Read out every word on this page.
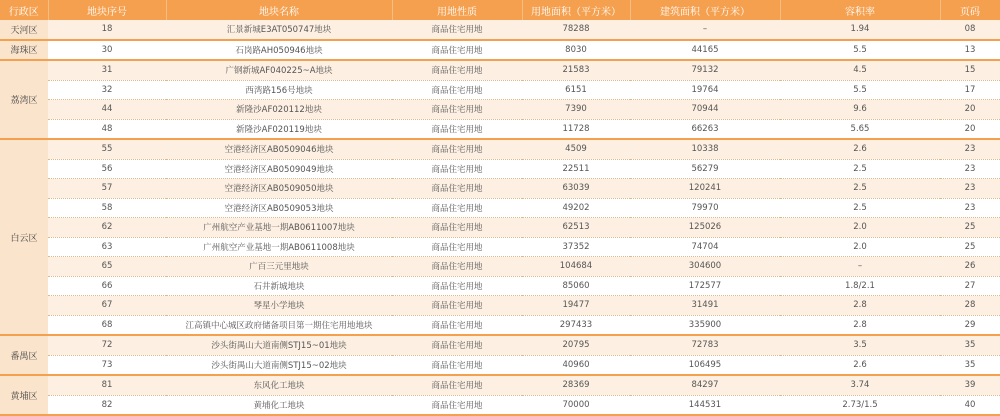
行政区	地块序号	地块名称	用地性质	用地面积（平方米）	建筑面积（平方米）	容积率	页码
天河区	18	汇景新城E3AT050747地块	商品住宅用地	78288	–	1.94	08
海珠区	30	石岗路AH050946地块	商品住宅用地	8030	44165	5.5	13
荔湾区	31	广钢新城AF040225~A地块	商品住宅用地	21583	79132	4.5	15
	32	西湾路156号地块	商品住宅用地	6151	19764	5.5	17
	44	新隆沙AF020112地块	商品住宅用地	7390	70944	9.6	20
	48	新隆沙AF020119地块	商品住宅用地	11728	66263	5.65	20
白云区	55	空港经济区AB0509046地块	商品住宅用地	4509	10338	2.6	23
	56	空港经济区AB0509049地块	商品住宅用地	22511	56279	2.5	23
	57	空港经济区AB0509050地块	商品住宅用地	63039	120241	2.5	23
	58	空港经济区AB0509053地块	商品住宅用地	49202	79970	2.5	23
	62	广州航空产业基地一期AB0611007地块	商品住宅用地	62513	125026	2.0	25
	63	广州航空产业基地一期AB0611008地块	商品住宅用地	37352	74704	2.0	25
	65	广百三元里地块	商品住宅用地	104684	304600	–	26
	66	石井新城地块	商品住宅用地	85060	172577	1.8/2.1	27
	67	琴星小学地块	商品住宅用地	19477	31491	2.8	28
	68	江高镇中心城区政府储备项目第一期住宅用地地块	商品住宅用地	297433	335900	2.8	29
番禺区	72	沙头街禺山大道南侧STJ15~01地块	商品住宅用地	20795	72783	3.5	35
	73	沙头街禺山大道南侧STJ15~02地块	商品住宅用地	40960	106495	2.6	35
黄埔区	81	东风化工地块	商品住宅用地	28369	84297	3.74	39
	82	黄埔化工地块	商品住宅用地	70000	144531	2.73/1.5	40
